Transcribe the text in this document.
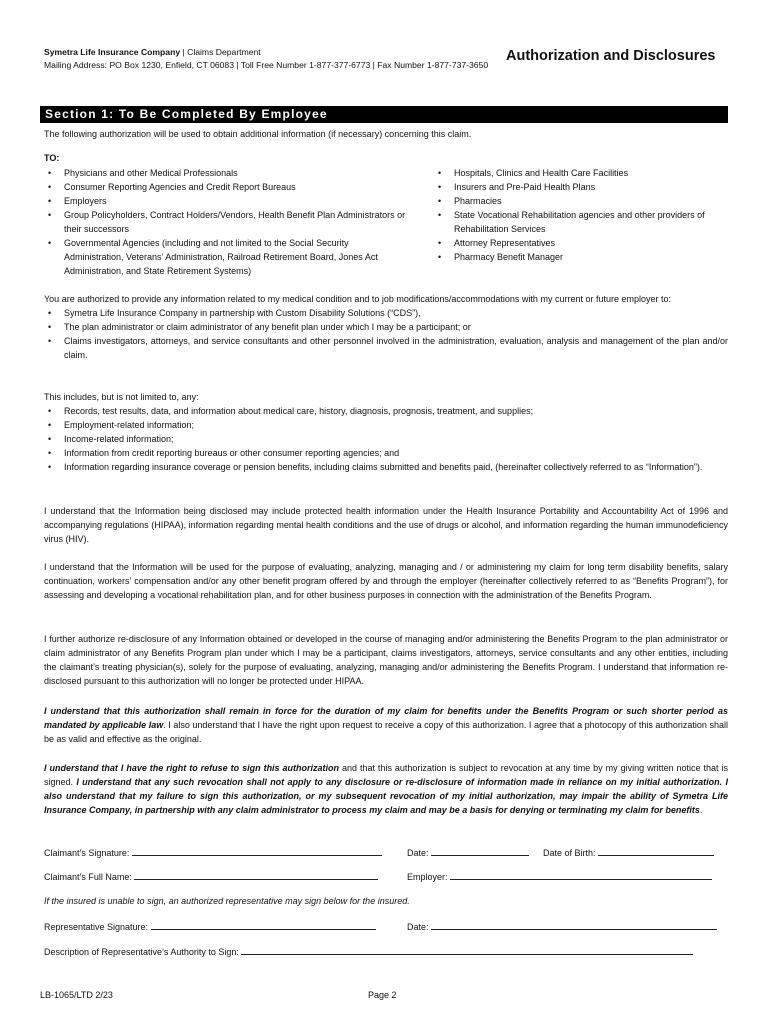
Symetra Life Insurance Company | Claims Department
Mailing Address: PO Box 1230, Enfield, CT 06083 | Toll Free Number 1-877-377-6773 | Fax Number 1-877-737-3650
Authorization and Disclosures
Section 1: To Be Completed By Employee
The following authorization will be used to obtain additional information (if necessary) concerning this claim.
TO:
• Physicians and other Medical Professionals
• Consumer Reporting Agencies and Credit Report Bureaus
• Employers
• Group Policyholders, Contract Holders/Vendors, Health Benefit Plan Administrators or their successors
• Governmental Agencies (including and not limited to the Social Security Administration, Veterans’ Administration, Railroad Retirement Board, Jones Act Administration, and State Retirement Systems)
• Hospitals, Clinics and Health Care Facilities
• Insurers and Pre-Paid Health Plans
• Pharmacies
• State Vocational Rehabilitation agencies and other providers of Rehabilitation Services
• Attorney Representatives
• Pharmacy Benefit Manager
You are authorized to provide any information related to my medical condition and to job modifications/accommodations with my current or future employer to:
• Symetra Life Insurance Company in partnership with Custom Disability Solutions (“CDS”),
• The plan administrator or claim administrator of any benefit plan under which I may be a participant; or
• Claims investigators, attorneys, and service consultants and other personnel involved in the administration, evaluation, analysis and management of the plan and/or claim.
This includes, but is not limited to, any:
• Records, test results, data, and information about medical care, history, diagnosis, prognosis, treatment, and supplies;
• Employment-related information;
• Income-related information;
• Information from credit reporting bureaus or other consumer reporting agencies; and
• Information regarding insurance coverage or pension benefits, including claims submitted and benefits paid, (hereinafter collectively referred to as “Information”).
I understand that the Information being disclosed may include protected health information under the Health Insurance Portability and Accountability Act of 1996 and accompanying regulations (HIPAA), information regarding mental health conditions and the use of drugs or alcohol, and information regarding the human immunodeficiency virus (HIV).
I understand that the Information will be used for the purpose of evaluating, analyzing, managing and / or administering my claim for long term disability benefits, salary continuation, workers’ compensation and/or any other benefit program offered by and through the employer (hereinafter collectively referred to as “Benefits Program”), for assessing and developing a vocational rehabilitation plan, and for other business purposes in connection with the administration of the Benefits Program.
I further authorize re-disclosure of any Information obtained or developed in the course of managing and/or administering the Benefits Program to the plan administrator or claim administrator of any Benefits Program plan under which I may be a participant, claims investigators, attorneys, service consultants and any other entities, including the claimant’s treating physician(s), solely for the purpose of evaluating, analyzing, managing and/or administering the Benefits Program. I understand that information re-disclosed pursuant to this authorization will no longer be protected under HIPAA.
I understand that this authorization shall remain in force for the duration of my claim for benefits under the Benefits Program or such shorter period as mandated by applicable law. I also understand that I have the right upon request to receive a copy of this authorization. I agree that a photocopy of this authorization shall be as valid and effective as the original.
I understand that I have the right to refuse to sign this authorization and that this authorization is subject to revocation at any time by my giving written notice that is signed. I understand that any such revocation shall not apply to any disclosure or re-disclosure of information made in reliance on my initial authorization. I also understand that my failure to sign this authorization, or my subsequent revocation of my initial authorization, may impair the ability of Symetra Life Insurance Company, in partnership with any claim administrator to process my claim and may be a basis for denying or terminating my claim for benefits.
Claimant’s Signature:	Date:	Date of Birth:
Claimant’s Full Name:	Employer:
If the insured is unable to sign, an authorized representative may sign below for the insured.
Representative Signature:	Date:
Description of Representative’s Authority to Sign:
LB-1065/LTD 2/23	Page 2
